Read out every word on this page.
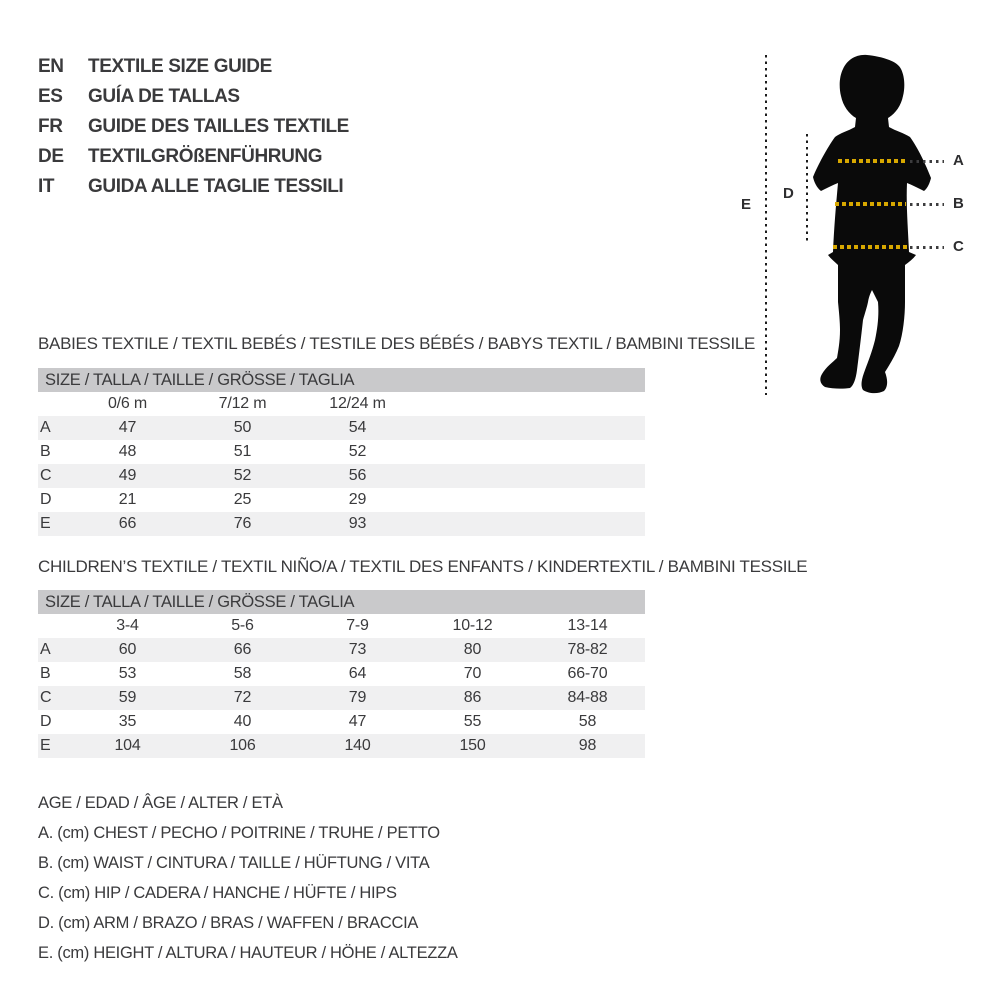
EN TEXTILE SIZE GUIDE
ES GUÍA DE TALLAS
FR GUIDE DES TAILLES TEXTILE
DE TEXTILGRÖßENFÜHRUNG
IT GUIDA ALLE TAGLIE TESSILI
E
D
A
B
C
BABIES TEXTILE / TEXTIL BEBÉS / TESTILE DES BÉBÉS / BABYS TEXTIL / BAMBINI TESSILE
SIZE / TALLA / TAILLE / GRÖSSE / TAGLIA
	0/6 m	7/12 m	12/24 m		
A	47	50	54		
B	48	51	52		
C	49	52	56		
D	21	25	29		
E	66	76	93		
CHILDREN’S TEXTILE / TEXTIL NIÑO/A / TEXTIL DES ENFANTS / KINDERTEXTIL / BAMBINI TESSILE
SIZE / TALLA / TAILLE / GRÖSSE / TAGLIA
	3-4	5-6	7-9	10-12	13-14
A	60	66	73	80	78-82
B	53	58	64	70	66-70
C	59	72	79	86	84-88
D	35	40	47	55	58
E	104	106	140	150	98
AGE / EDAD / ÂGE / ALTER / ETÀ
A. (cm) CHEST / PECHO / POITRINE / TRUHE / PETTO
B. (cm) WAIST / CINTURA / TAILLE / HÜFTUNG / VITA
C. (cm) HIP / CADERA / HANCHE / HÜFTE / HIPS
D. (cm) ARM / BRAZO / BRAS / WAFFEN / BRACCIA
E. (cm) HEIGHT / ALTURA / HAUTEUR / HÖHE / ALTEZZA
